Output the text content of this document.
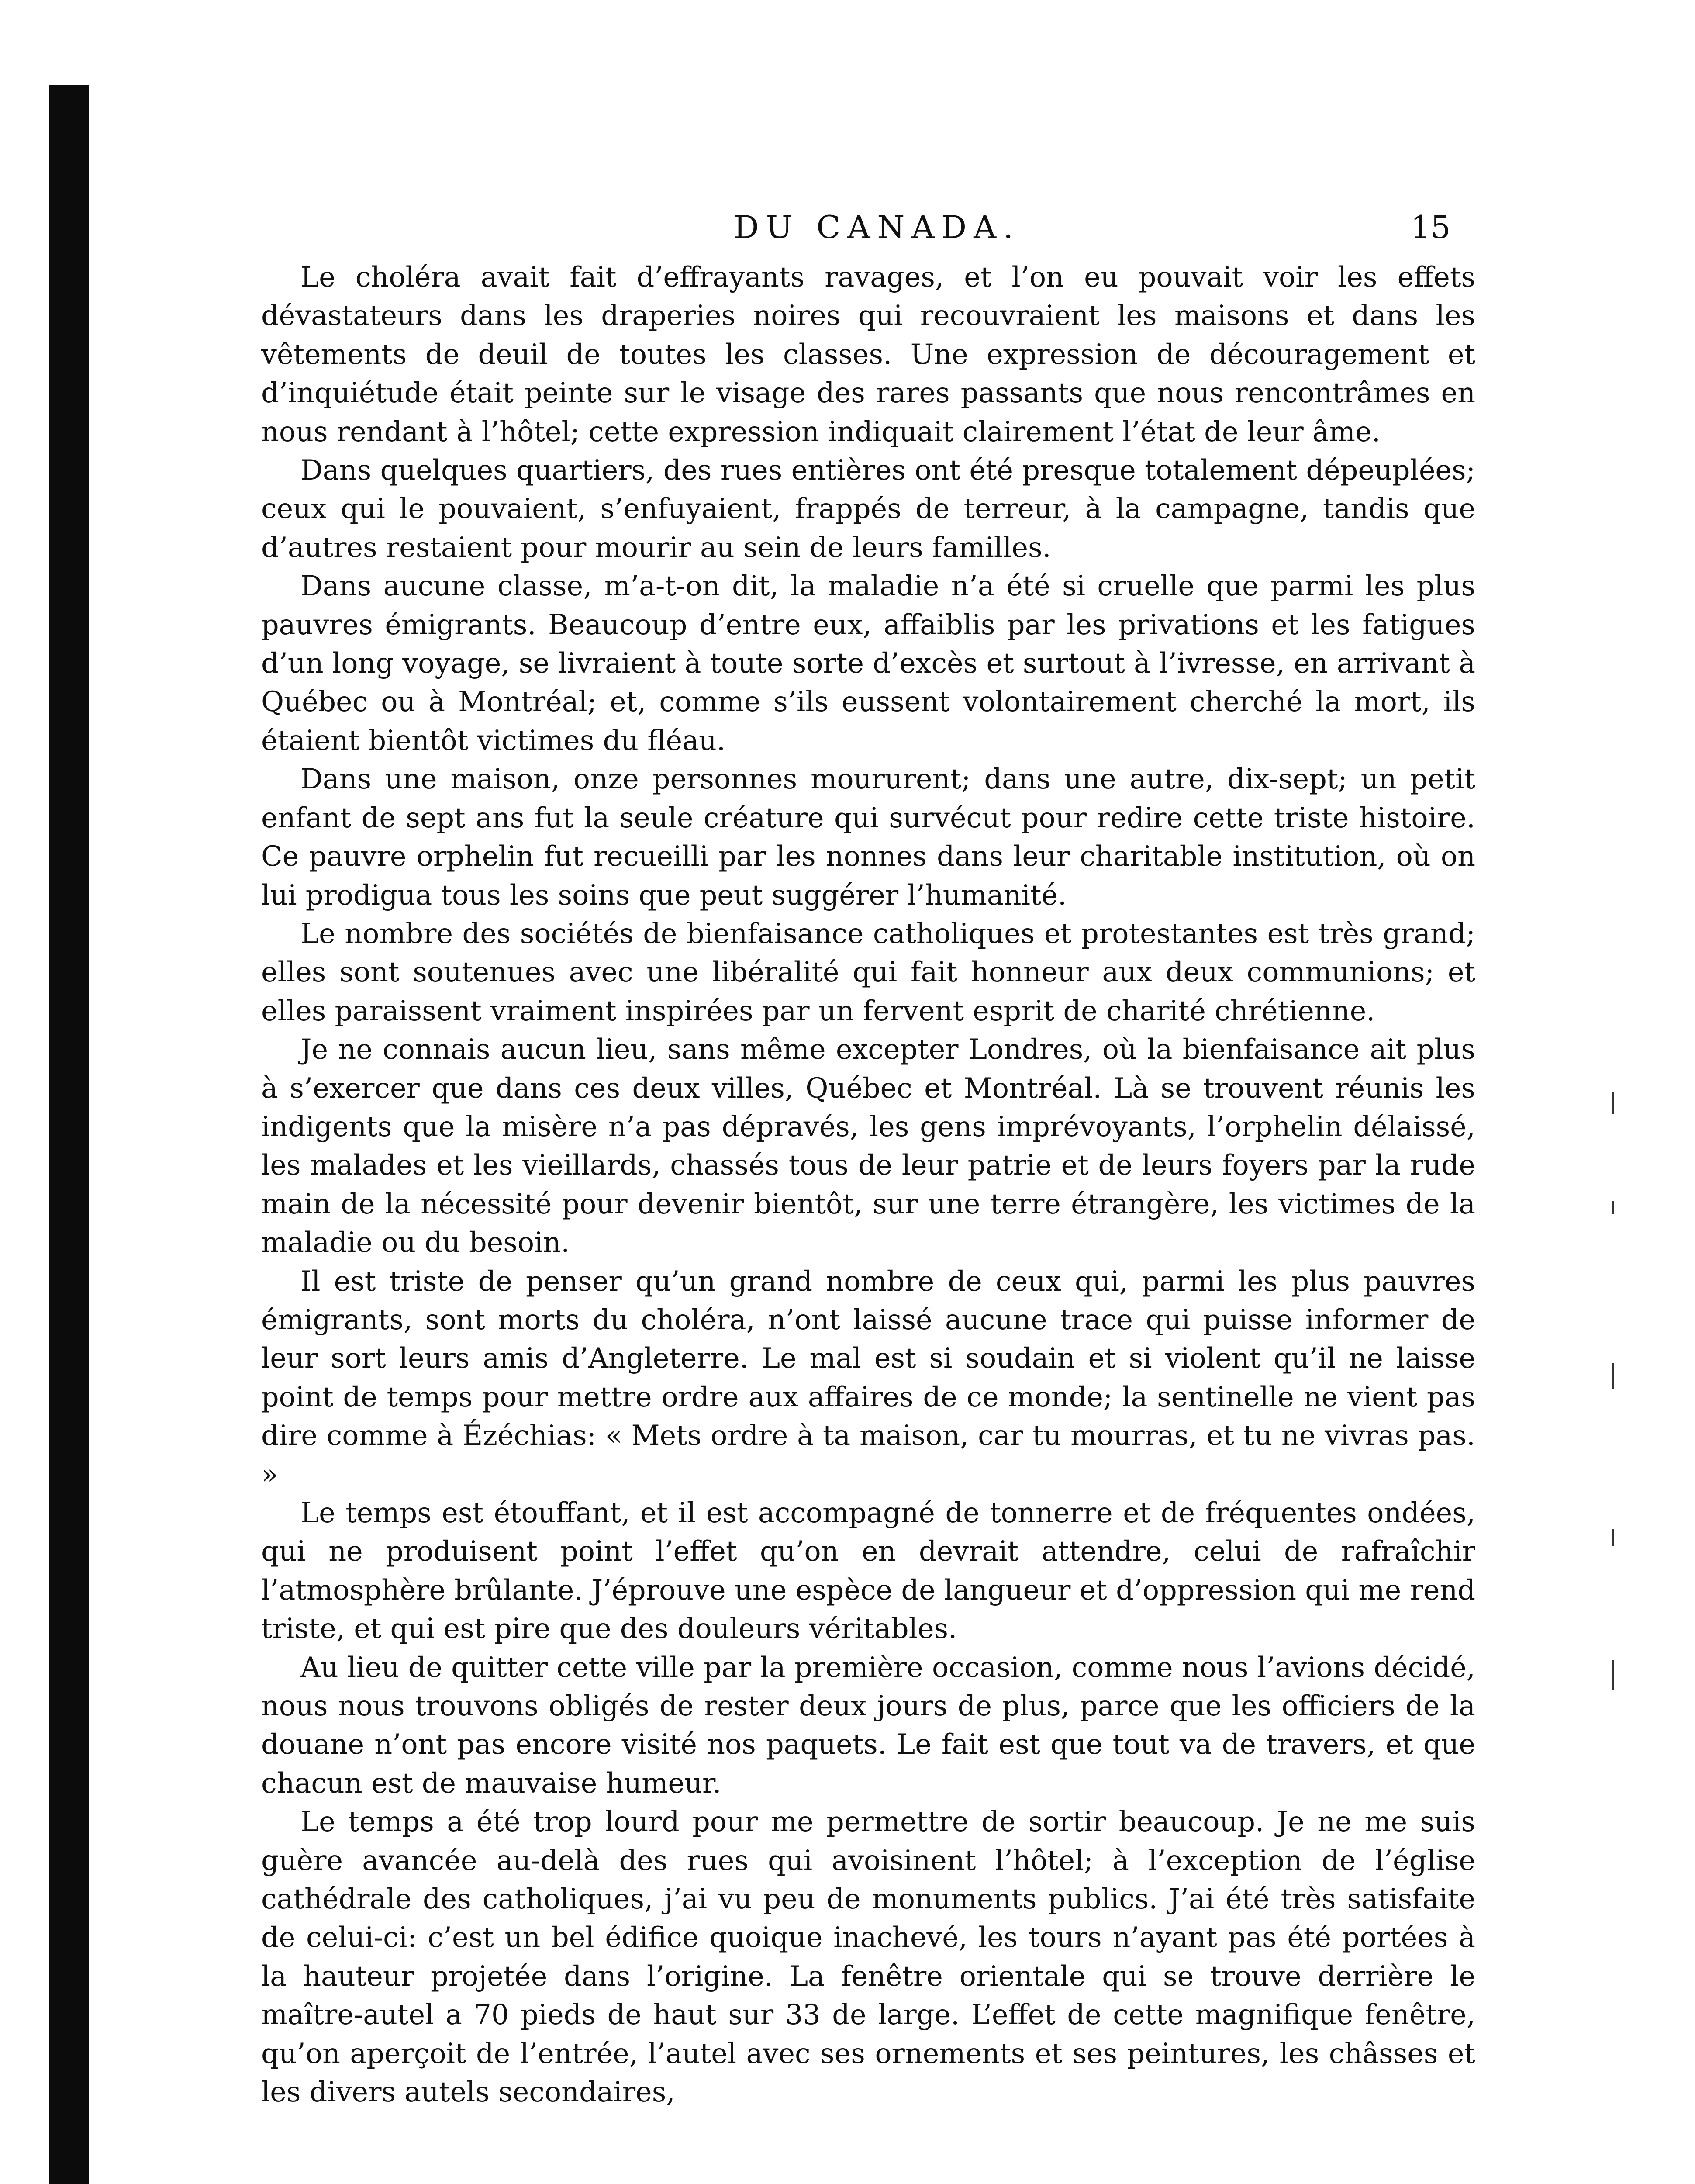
DU CANADA.	15

Le choléra avait fait d’effrayants ravages, et l’on eu pouvait voir les effets dévastateurs dans les draperies noires qui recouvraient les maisons et dans les vêtements de deuil de toutes les classes. Une expression de découragement et d’inquiétude était peinte sur le visage des rares passants que nous rencontrâmes en nous rendant à l’hôtel; cette expression indiquait clairement l’état de leur âme.

Dans quelques quartiers, des rues entières ont été presque totalement dépeuplées; ceux qui le pouvaient, s’enfuyaient, frappés de terreur, à la campagne, tandis que d’autres restaient pour mourir au sein de leurs familles.

Dans aucune classe, m’a-t-on dit, la maladie n’a été si cruelle que parmi les plus pauvres émigrants. Beaucoup d’entre eux, affaiblis par les privations et les fatigues d’un long voyage, se livraient à toute sorte d’excès et surtout à l’ivresse, en arrivant à Québec ou à Montréal; et, comme s’ils eussent volontairement cherché la mort, ils étaient bientôt victimes du fléau.

Dans une maison, onze personnes moururent; dans une autre, dix-sept; un petit enfant de sept ans fut la seule créature qui survécut pour redire cette triste histoire. Ce pauvre orphelin fut recueilli par les nonnes dans leur charitable institution, où on lui prodigua tous les soins que peut suggérer l’humanité.

Le nombre des sociétés de bienfaisance catholiques et protestantes est très grand; elles sont soutenues avec une libéralité qui fait honneur aux deux communions; et elles paraissent vraiment inspirées par un fervent esprit de charité chrétienne.

Je ne connais aucun lieu, sans même excepter Londres, où la bienfaisance ait plus à s’exercer que dans ces deux villes, Québec et Montréal. Là se trouvent réunis les indigents que la misère n’a pas dépravés, les gens imprévoyants, l’orphelin délaissé, les malades et les vieillards, chassés tous de leur patrie et de leurs foyers par la rude main de la nécessité pour devenir bientôt, sur une terre étrangère, les victimes de la maladie ou du besoin.

Il est triste de penser qu’un grand nombre de ceux qui, parmi les plus pauvres émigrants, sont morts du choléra, n’ont laissé aucune trace qui puisse informer de leur sort leurs amis d’Angleterre. Le mal est si soudain et si violent qu’il ne laisse point de temps pour mettre ordre aux affaires de ce monde; la sentinelle ne vient pas dire comme à Ézéchias: « Mets ordre à ta maison, car tu mourras, et tu ne vivras pas. »

Le temps est étouffant, et il est accompagné de tonnerre et de fréquentes ondées, qui ne produisent point l’effet qu’on en devrait attendre, celui de rafraîchir l’atmosphère brûlante. J’éprouve une espèce de langueur et d’oppression qui me rend triste, et qui est pire que des douleurs véritables.

Au lieu de quitter cette ville par la première occasion, comme nous l’avions décidé, nous nous trouvons obligés de rester deux jours de plus, parce que les officiers de la douane n’ont pas encore visité nos paquets. Le fait est que tout va de travers, et que chacun est de mauvaise humeur.

Le temps a été trop lourd pour me permettre de sortir beaucoup. Je ne me suis guère avancée au-delà des rues qui avoisinent l’hôtel; à l’exception de l’église cathédrale des catholiques, j’ai vu peu de monuments publics. J’ai été très satisfaite de celui-ci: c’est un bel édifice quoique inachevé, les tours n’ayant pas été portées à la hauteur projetée dans l’origine. La fenêtre orientale qui se trouve derrière le maître-autel a 70 pieds de haut sur 33 de large. L’effet de cette magnifique fenêtre, qu’on aperçoit de l’entrée, l’autel avec ses ornements et ses peintures, les châsses et les divers autels secondaires,
